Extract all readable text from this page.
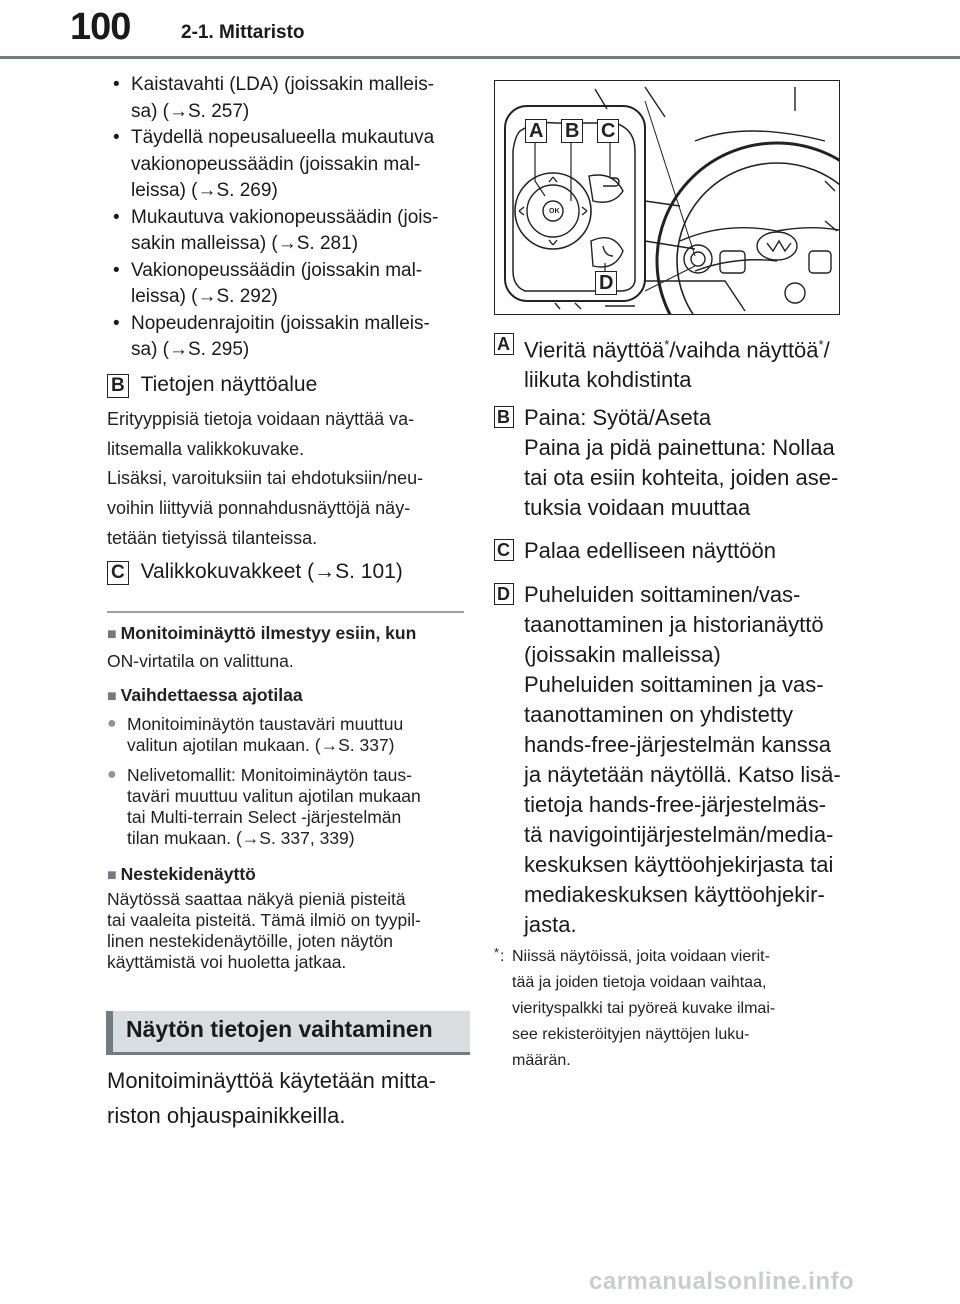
100	2-1. Mittaristo
• Kaistavahti (LDA) (joissakin malleis-
sa) (→S. 257)
• Täydellä nopeusalueella mukautuva
vakionopeussäädin (joissakin mal-
leissa) (→S. 269)
• Mukautuva vakionopeussäädin (jois-
sakin malleissa) (→S. 281)
• Vakionopeussäädin (joissakin mal-
leissa) (→S. 292)
• Nopeudenrajoitin (joissakin malleis-
sa) (→S. 295)
B Tietojen näyttöalue
Erityyppisiä tietoja voidaan näyttää va-
litsemalla valikkokuvake.
Lisäksi, varoituksiin tai ehdotuksiin/neu-
voihin liittyviä ponnahdusnäyttöjä näy-
tetään tietyissä tilanteissa.
C Valikkokuvakkeet (→S. 101)
■ Monitoiminäyttö ilmestyy esiin, kun
ON-virtatila on valittuna.
■ Vaihdettaessa ajotilaa
● Monitoiminäytön taustaväri muuttuu
valitun ajotilan mukaan. (→S. 337)
● Nelivetomallit: Monitoiminäytön taus-
taväri muuttuu valitun ajotilan mukaan
tai Multi-terrain Select -järjestelmän
tilan mukaan. (→S. 337, 339)
■ Nestekidenäyttö
Näytössä saattaa näkyä pieniä pisteitä
tai vaaleita pisteitä. Tämä ilmiö on tyypil-
linen nestekidenäytöille, joten näytön
käyttämistä voi huoletta jatkaa.
Näytön tietojen vaihtaminen
Monitoiminäyttöä käytetään mitta-
riston ohjauspainikkeilla.
OK
A B C
D
A Vieritä näyttöä*/vaihda näyttöä*/
liikuta kohdistinta
B Paina: Syötä/Aseta
Paina ja pidä painettuna: Nollaa
tai ota esiin kohteita, joiden ase-
tuksia voidaan muuttaa
C Palaa edelliseen näyttöön
D Puheluiden soittaminen/vas-
taanottaminen ja historianäyttö
(joissakin malleissa)
Puheluiden soittaminen ja vas-
taanottaminen on yhdistetty
hands-free-järjestelmän kanssa
ja näytetään näytöllä. Katso lisä-
tietoja hands-free-järjestelmäs-
tä navigointijärjestelmän/media-
keskuksen käyttöohjekirjasta tai
mediakeskuksen käyttöohjekir-
jasta.
* : Niissä näytöissä, joita voidaan vierit-
tää ja joiden tietoja voidaan vaihtaa,
vierityspalkki tai pyöreä kuvake ilmai-
see rekisteröityjen näyttöjen luku-
määrän.
carmanualsonline.info
